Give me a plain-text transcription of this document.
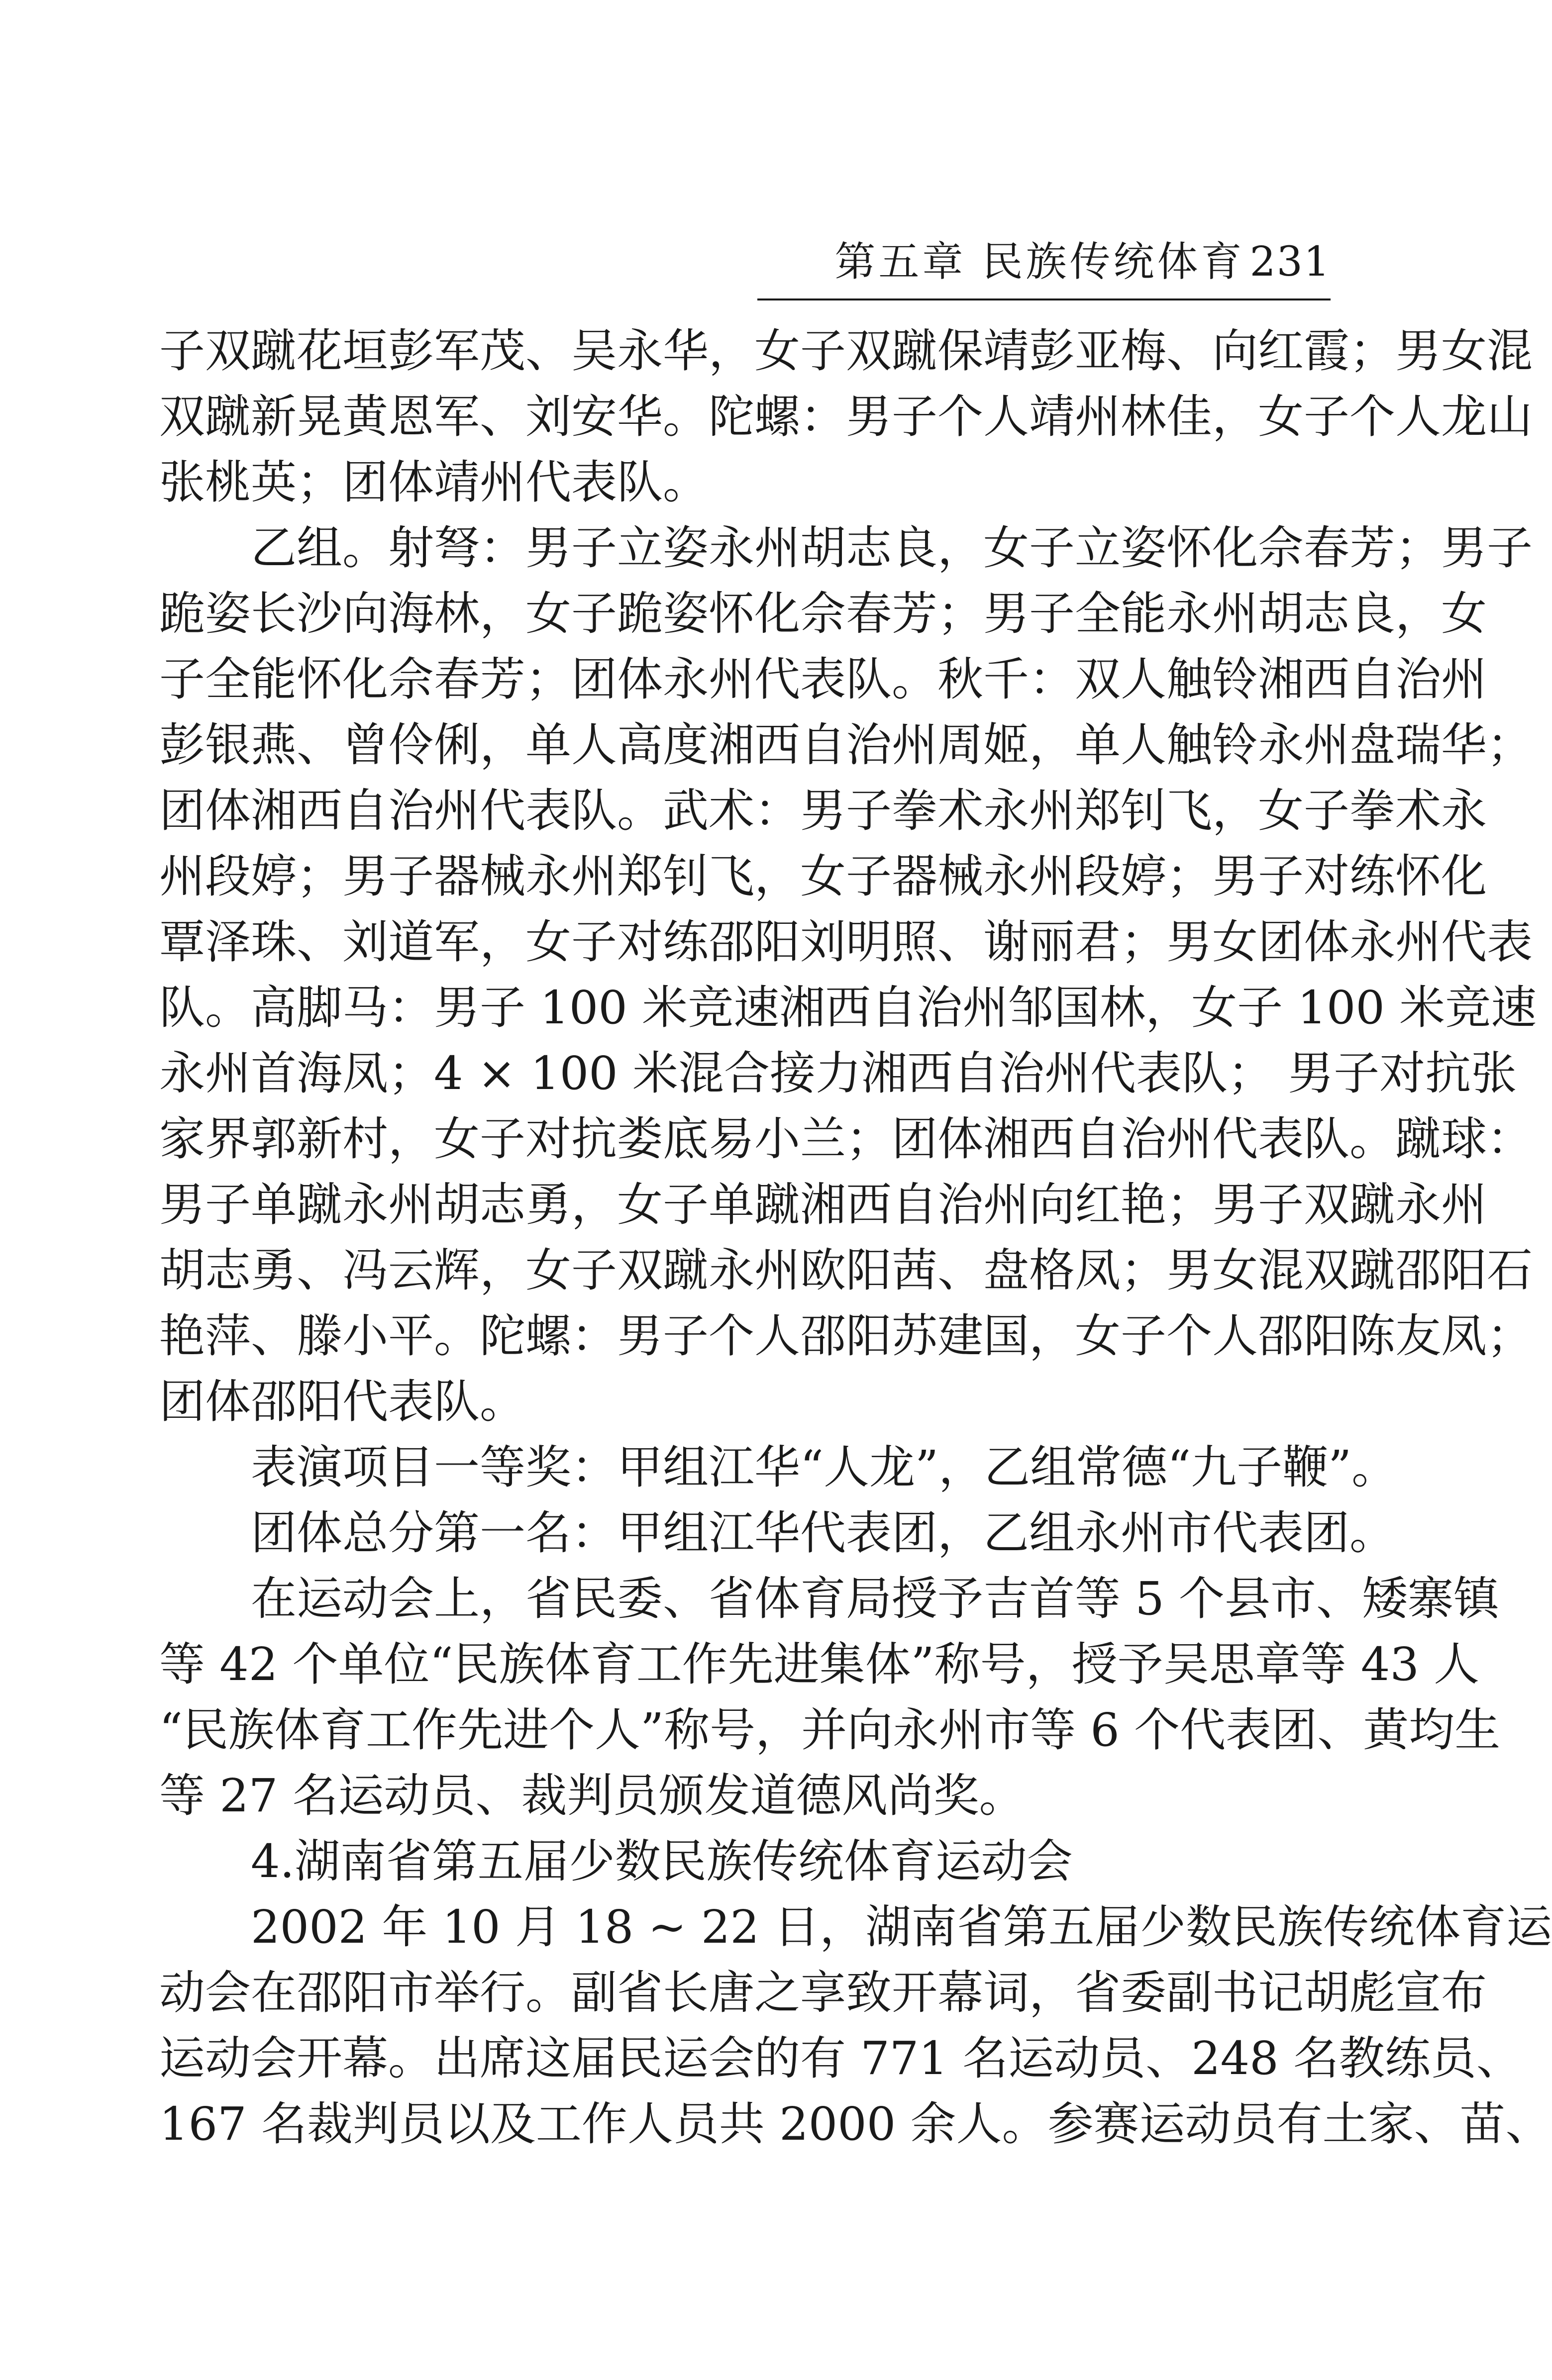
第五章 民族传统体育 231
子双蹴花垣彭军茂、吴永华，女子双蹴保靖彭亚梅、向红霞；男女混
双蹴新晃黄恩军、刘安华。陀螺：男子个人靖州林佳，女子个人龙山
张桃英；团体靖州代表队。
乙组。射弩：男子立姿永州胡志良，女子立姿怀化佘春芳；男子
跪姿长沙向海林，女子跪姿怀化佘春芳；男子全能永州胡志良，女
子全能怀化佘春芳；团体永州代表队。秋千：双人触铃湘西自治州
彭银燕、曾伶俐，单人高度湘西自治州周姬，单人触铃永州盘瑞华；
团体湘西自治州代表队。武术：男子拳术永州郑钊飞，女子拳术永
州段婷；男子器械永州郑钊飞，女子器械永州段婷；男子对练怀化
覃泽珠、刘道军，女子对练邵阳刘明照、谢丽君；男女团体永州代表
队。高脚马：男子 100 米竞速湘西自治州邹国林，女子 100 米竞速
永州首海凤；4 × 100 米混合接力湘西自治州代表队； 男子对抗张
家界郭新村，女子对抗娄底易小兰；团体湘西自治州代表队。蹴球：
男子单蹴永州胡志勇，女子单蹴湘西自治州向红艳；男子双蹴永州
胡志勇、冯云辉，女子双蹴永州欧阳茜、盘格凤；男女混双蹴邵阳石
艳萍、滕小平。陀螺：男子个人邵阳苏建国，女子个人邵阳陈友凤；
团体邵阳代表队。
表演项目一等奖：甲组江华“人龙”，乙组常德“九子鞭”。
团体总分第一名：甲组江华代表团，乙组永州市代表团。
在运动会上，省民委、省体育局授予吉首等 5 个县市、矮寨镇
等 42 个单位“民族体育工作先进集体”称号，授予吴思章等 43 人
“民族体育工作先进个人”称号，并向永州市等 6 个代表团、黄均生
等 27 名运动员、裁判员颁发道德风尚奖。
4.湖南省第五届少数民族传统体育运动会
2002 年 10 月 18 ~ 22 日，湖南省第五届少数民族传统体育运
动会在邵阳市举行。副省长唐之享致开幕词，省委副书记胡彪宣布
运动会开幕。出席这届民运会的有 771 名运动员、248 名教练员、
167 名裁判员以及工作人员共 2000 余人。参赛运动员有土家、苗、
